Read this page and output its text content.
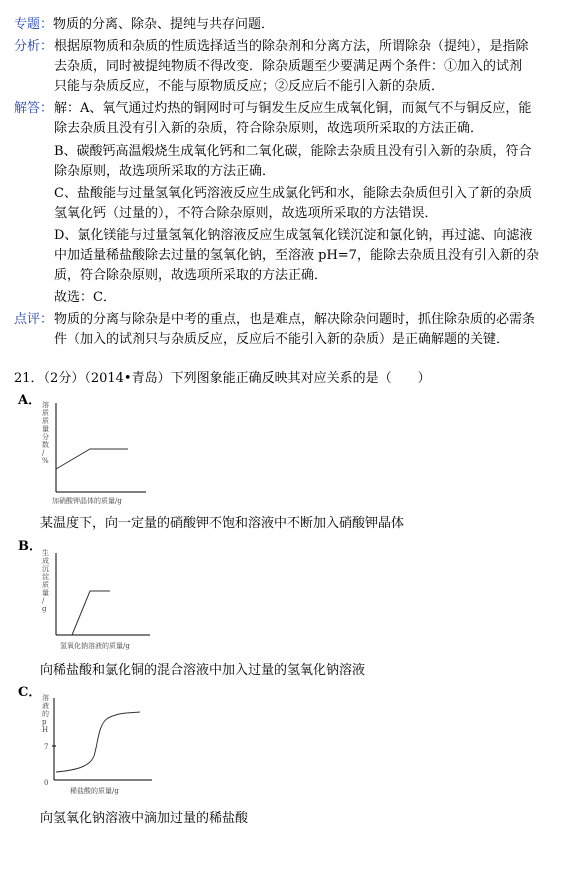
专题：物质的分离、除杂、提纯与共存问题．
分析： 根据原物质和杂质的性质选择适当的除杂剂和分离方法，所谓除杂（提纯），是指除
去杂质，同时被提纯物质不得改变．除杂质题至少要满足两个条件：①加入的试剂
只能与杂质反应，不能与原物质反应；②反应后不能引入新的杂质．
解答： 解：A、氧气通过灼热的铜网时可与铜发生反应生成氧化铜，而氮气不与铜反应，能
除去杂质且没有引入新的杂质，符合除杂原则，故选项所采取的方法正确．
B、碳酸钙高温煅烧生成氧化钙和二氧化碳，能除去杂质且没有引入新的杂质，符合
除杂原则，故选项所采取的方法正确．
C、盐酸能与过量氢氧化钙溶液反应生成氯化钙和水，能除去杂质但引入了新的杂质
氢氧化钙（过量的），不符合除杂原则，故选项所采取的方法错误．
D、氯化镁能与过量氢氧化钠溶液反应生成氢氧化镁沉淀和氯化钠，再过滤、向滤液
中加适量稀盐酸除去过量的氢氧化钠，至溶液 pH=7，能除去杂质且没有引入新的杂
质，符合除杂原则，故选项所采取的方法正确．
故选：C．
点评： 物质的分离与除杂是中考的重点，也是难点，解决除杂问题时，抓住除杂质的必需条
件（加入的试剂只与杂质反应，反应后不能引入新的杂质）是正确解题的关键．
21．（2分）（2014•青岛）下列图象能正确反映其对应关系的是（　　）
A． 溶质质量分数/ %
加硝酸钾晶体的质量/g
某温度下，向一定量的硝酸钾不饱和溶液中不断加入硝酸钾晶体
B． 生成沉淀质量/ g
氢氧化钠溶液的质量/g
向稀盐酸和氯化铜的混合溶液中加入过量的氢氧化钠溶液
C． 溶液的 p H
7
0
稀盐酸的质量/g
向氢氧化钠溶液中滴加过量的稀盐酸
